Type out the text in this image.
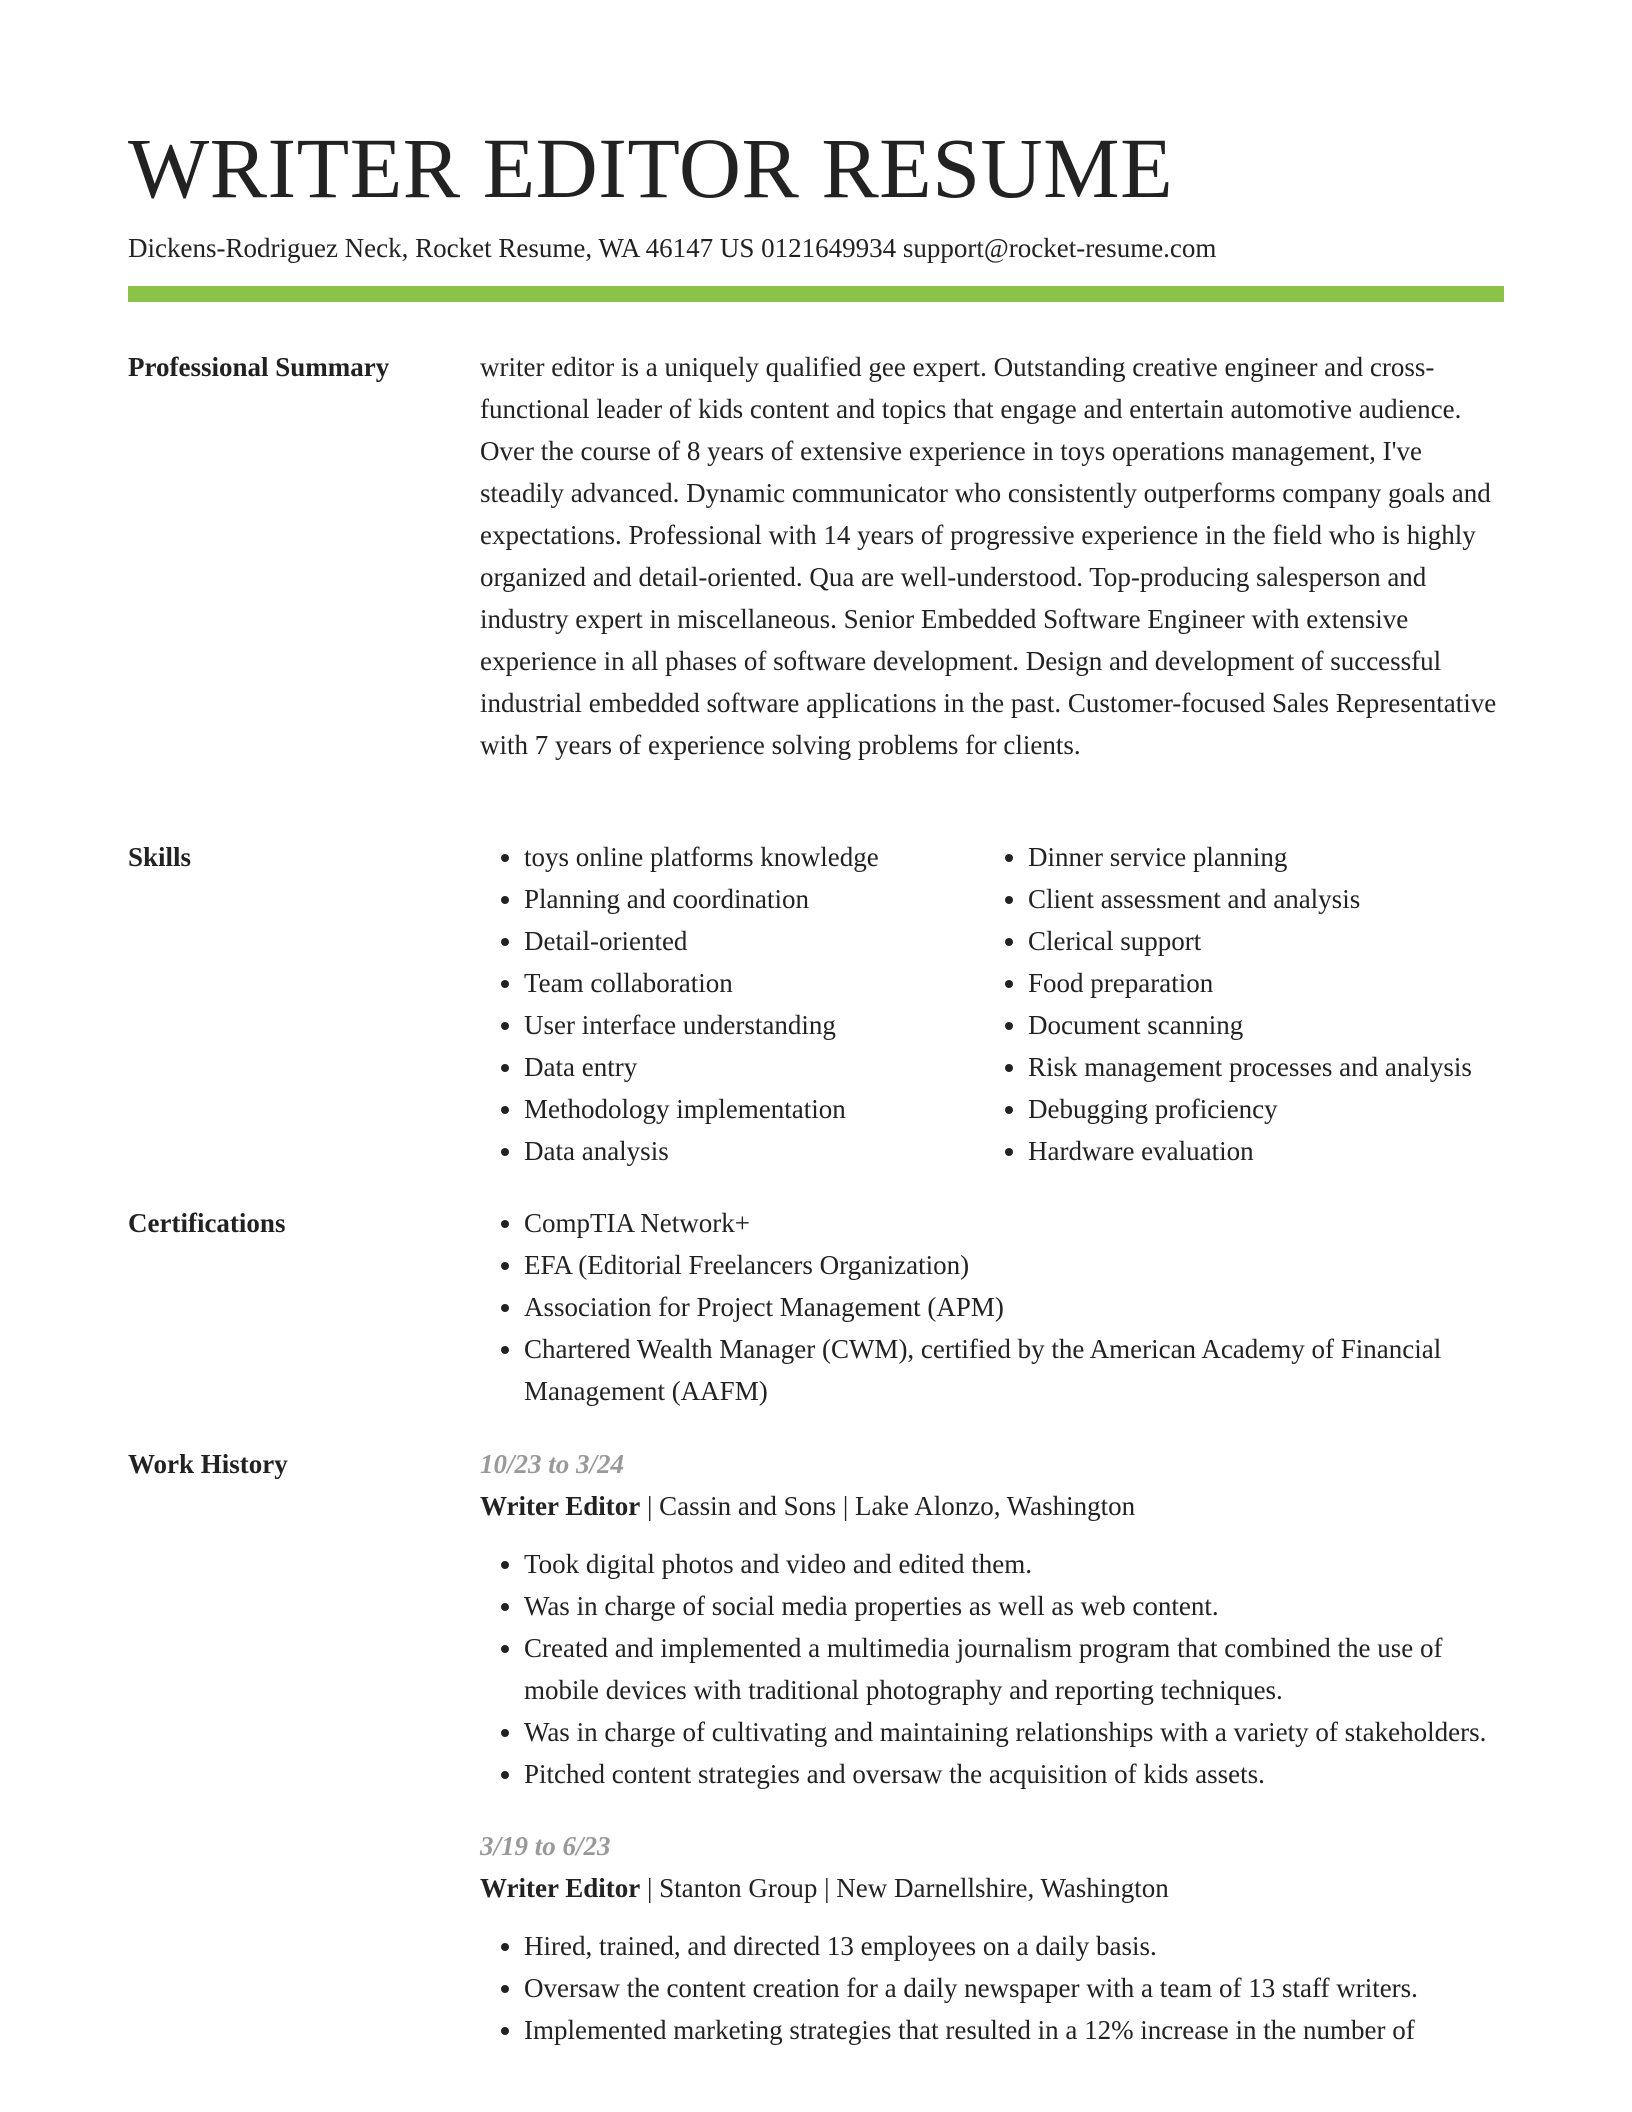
WRITER EDITOR RESUME
Dickens-Rodriguez Neck, Rocket Resume, WA 46147 US 0121649934 support@rocket-resume.com
Professional Summary	writer editor is a uniquely qualified gee expert. Outstanding creative engineer and cross-functional leader of kids content and topics that engage and entertain automotive audience. Over the course of 8 years of extensive experience in toys operations management, I've steadily advanced. Dynamic communicator who consistently outperforms company goals and expectations. Professional with 14 years of progressive experience in the field who is highly organized and detail-oriented. Qua are well-understood. Top-producing salesperson and industry expert in miscellaneous. Senior Embedded Software Engineer with extensive experience in all phases of software development. Design and development of successful industrial embedded software applications in the past. Customer-focused Sales Representative with 7 years of experience solving problems for clients.

Skills	• toys online platforms knowledge
• Planning and coordination
• Detail-oriented
• Team collaboration
• User interface understanding
• Data entry
• Methodology implementation
• Data analysis
• Dinner service planning
• Client assessment and analysis
• Clerical support
• Food preparation
• Document scanning
• Risk management processes and analysis
• Debugging proficiency
• Hardware evaluation
Certifications	• CompTIA Network+
• EFA (Editorial Freelancers Organization)
• Association for Project Management (APM)
• Chartered Wealth Manager (CWM), certified by the American Academy of Financial Management (AAFM)
Work History	10/23 to 3/24
Writer Editor | Cassin and Sons | Lake Alonzo, Washington
• Took digital photos and video and edited them.
• Was in charge of social media properties as well as web content.
• Created and implemented a multimedia journalism program that combined the use of mobile devices with traditional photography and reporting techniques.
• Was in charge of cultivating and maintaining relationships with a variety of stakeholders.
• Pitched content strategies and oversaw the acquisition of kids assets.
3/19 to 6/23
Writer Editor | Stanton Group | New Darnellshire, Washington
• Hired, trained, and directed 13 employees on a daily basis.
• Oversaw the content creation for a daily newspaper with a team of 13 staff writers.
• Implemented marketing strategies that resulted in a 12% increase in the number of
